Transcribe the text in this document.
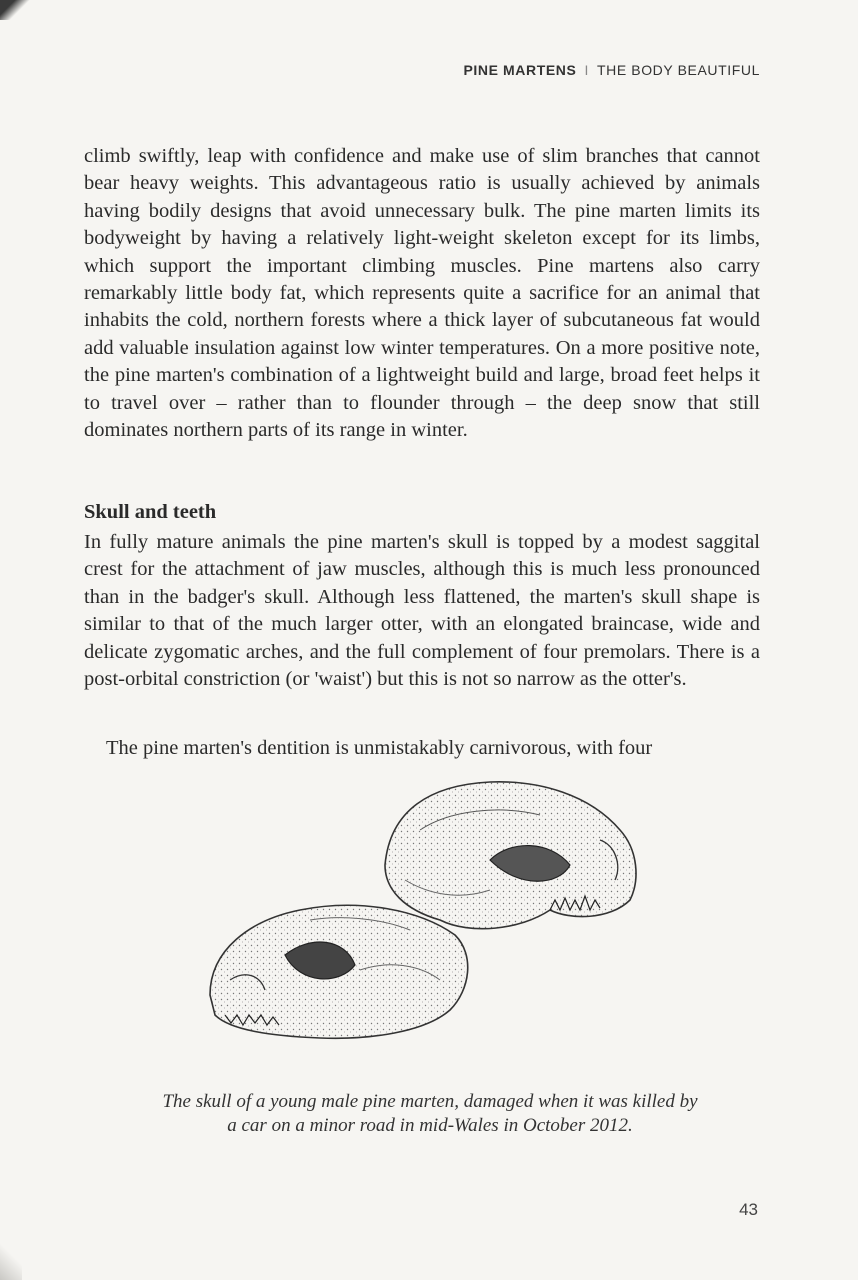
PINE MARTENS I THE BODY BEAUTIFUL

climb swiftly, leap with confidence and make use of slim branches that cannot bear heavy weights. This advantageous ratio is usually achieved by animals having bodily designs that avoid unnecessary bulk. The pine marten limits its bodyweight by having a relatively light-weight skeleton except for its limbs, which support the important climbing muscles. Pine martens also carry remarkably little body fat, which represents quite a sacrifice for an animal that inhabits the cold, northern forests where a thick layer of subcutaneous fat would add valuable insulation against low winter temperatures. On a more positive note, the pine marten's combination of a lightweight build and large, broad feet helps it to travel over – rather than to flounder through – the deep snow that still dominates northern parts of its range in winter.

Skull and teeth

In fully mature animals the pine marten's skull is topped by a modest saggital crest for the attachment of jaw muscles, although this is much less pronounced than in the badger's skull. Although less flattened, the marten's skull shape is similar to that of the much larger otter, with an elongated braincase, wide and delicate zygomatic arches, and the full complement of four premolars. There is a post-orbital constriction (or 'waist') but this is not so narrow as the otter's.

The pine marten's dentition is unmistakably carnivorous, with four

The skull of a young male pine marten, damaged when it was killed by
a car on a minor road in mid-Wales in October 2012.
43
